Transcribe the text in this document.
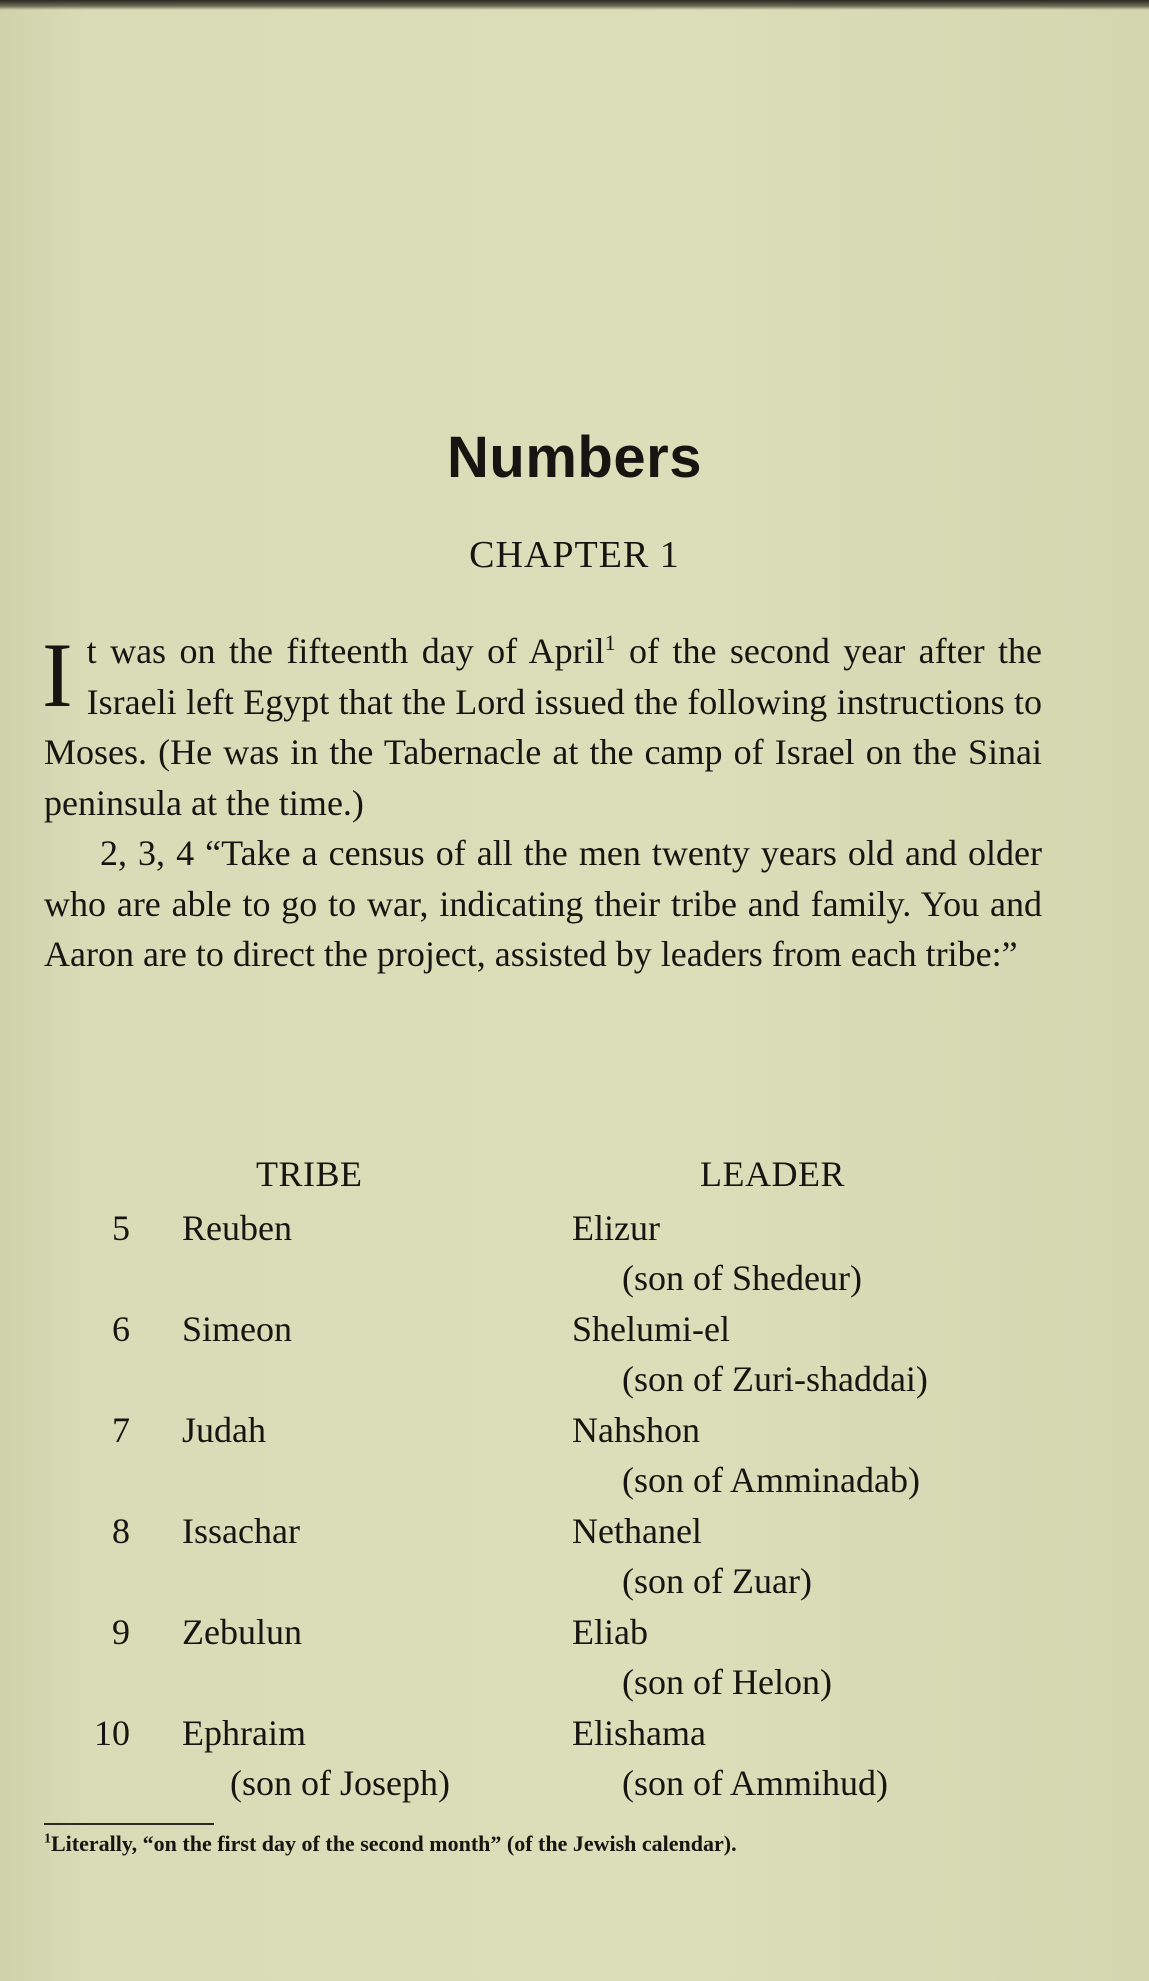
Numbers
CHAPTER 1

It was on the fifteenth day of April$^1$ of the second year after the Israeli left Egypt that the Lord issued the following instructions to Moses. (He was in the Tabernacle at the camp of Israel on the Sinai peninsula at the time.)

2, 3, 4 “Take a census of all the men twenty years old and older who are able to go to war, indicating their tribe and family. You and Aaron are to direct the project, assisted by leaders from each tribe:”

TRIBE	LEADER
5 Reuben	Elizur
(son of Shedeur)
6 Simeon	Shelumi-el
(son of Zuri-shaddai)
7 Judah	Nahshon
(son of Amminadab)
8 Issachar	Nethanel
(son of Zuar)
9 Zebulun	Eliab
(son of Helon)
10 Ephraim	Elishama
(son of Joseph)	(son of Ammihud)
$^1$Literally, “on the first day of the second month” (of the Jewish calendar).
